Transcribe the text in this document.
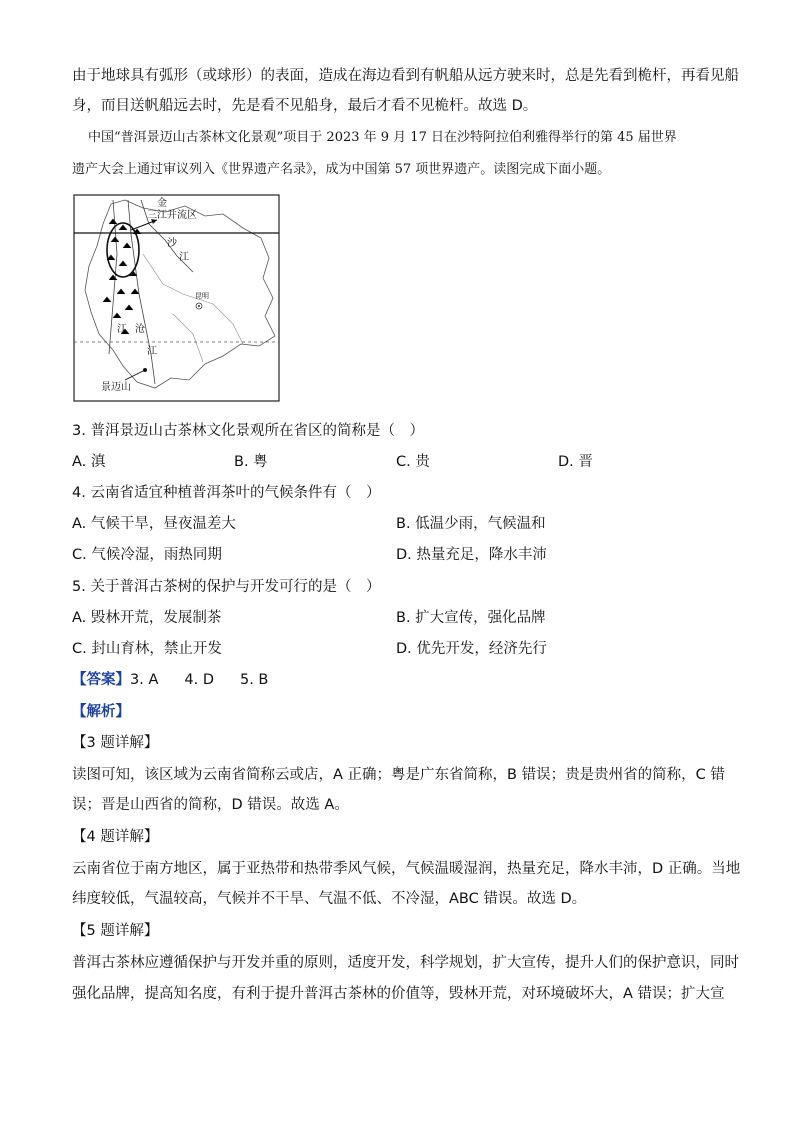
由于地球具有弧形（或球形）的表面，造成在海边看到有帆船从远方驶来时，总是先看到桅杆，再看见船
身，而目送帆船远去时，先是看不见船身，最后才看不见桅杆。故选 D。
中国“普洱景迈山古茶林文化景观”项目于 2023 年 9 月 17 日在沙特阿拉伯利雅得举行的第 45 届世界
遗产大会上通过审议列入《世界遗产名录》，成为中国第 57 项世界遗产。读图完成下面小题。
金
三江并流区
沙
江
昆明
江 沧
江
景迈山
3. 普洱景迈山古茶林文化景观所在省区的简称是（　）
A. 滇	B. 粤	C. 贵	D. 晋
4. 云南省适宜种植普洱茶叶的气候条件有（　）
A. 气候干旱，昼夜温差大	B. 低温少雨，气候温和
C. 气候冷湿，雨热同期	D. 热量充足，降水丰沛
5. 关于普洱古茶树的保护与开发可行的是（　）
A. 毁林开荒，发展制茶	B. 扩大宣传，强化品牌
C. 封山育林，禁止开发	D. 优先开发，经济先行
【答案】3. A 4. D 5. B
【解析】
【3 题详解】
读图可知，该区域为云南省简称云或店，A 正确；粤是广东省简称，B 错误；贵是贵州省的简称，C 错
误；晋是山西省的简称，D 错误。故选 A。
【4 题详解】
云南省位于南方地区，属于亚热带和热带季风气候，气候温暖湿润，热量充足，降水丰沛，D 正确。当地
纬度较低，气温较高，气候并不干旱、气温不低、不冷湿，ABC 错误。故选 D。
【5 题详解】
普洱古茶林应遵循保护与开发并重的原则，适度开发，科学规划，扩大宣传，提升人们的保护意识，同时
强化品牌，提高知名度，有利于提升普洱古茶林的价值等，毁林开荒，对环境破坏大，A 错误；扩大宣
